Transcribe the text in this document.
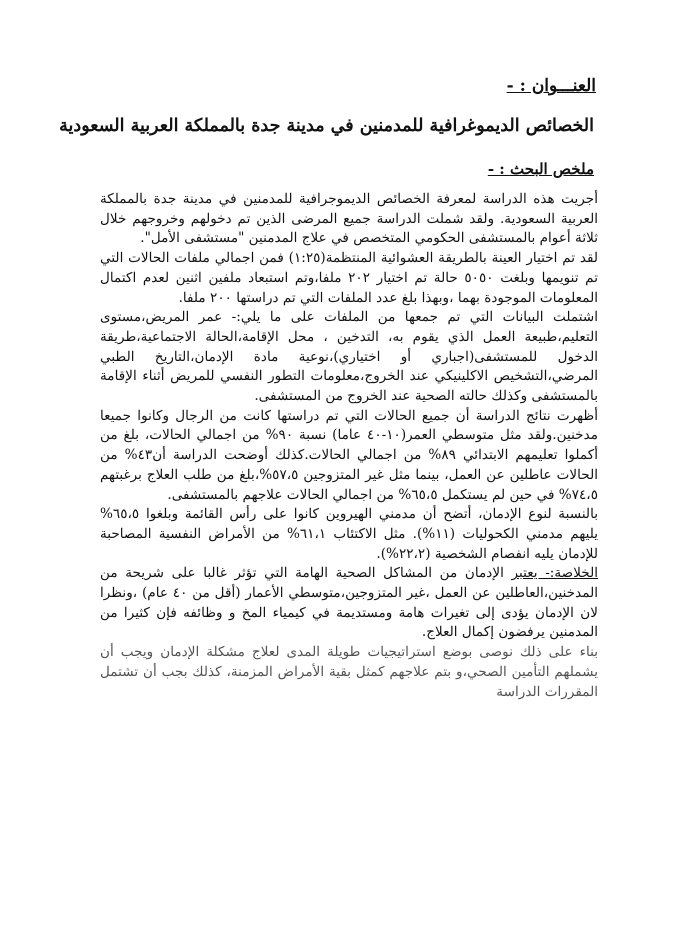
العنـــوان : -
الخصائص الديموغرافية للمدمنين في مدينة جدة بالمملكة العربية السعودية
ملخص البحث : -

أجريت هذه الدراسة لمعرفة الخصائص الديموجرافية للمدمنين في مدينة جدة بالمملكة العربية السعودية. ولقد شملت الدراسة جميع المرضى الذين تم دخولهم وخروجهم خلال ثلاثة أعوام بالمستشفى الحكومي المتخصص في علاج المدمنين "مستشفى الأمل".

لقد تم اختيار العينة بالطريقة العشوائية المنتظمة(١:٢٥) فمن اجمالي ملفات الحالات التي تم تنويمها وبلغت ٥٠٥٠ حالة تم اختيار ٢٠٢ ملفا،وتم استبعاد ملفين اثنين لعدم اكتمال المعلومات الموجودة بهما ،وبهذا بلغ عدد الملفات التي تم دراستها ٢٠٠ ملفا.

اشتملت البيانات التي تم جمعها من الملفات على ما يلي:- عمر المريض،مستوى التعليم،طبيعة العمل الذي يقوم به، التدخين ، محل الإقامة،الحالة الاجتماعية،طريقة الدخول للمستشفى(اجباري أو اختياري)،نوعية مادة الإدمان،التاريخ الطبي المرضي،التشخيص الاكلينيكي عند الخروج،معلومات التطور النفسي للمريض أثناء الإقامة بالمستشفى وكذلك حالته الصحية عند الخروج من المستشفى.

أظهرت نتائج الدراسة أن جميع الحالات التي تم دراستها كانت من الرجال وكانوا جميعا مدخنين.ولقد مثل متوسطي العمر(١٠-٤٠ عاما) نسبة ٩٠% من اجمالي الحالات، بلغ من أكملوا تعليمهم الابتدائي ٨٩% من اجمالي الحالات.كذلك أوضحت الدراسة أن٤٣% من الحالات عاطلين عن العمل، بينما مثل غير المتزوجين ٥٧،٥%،بلغ من طلب العلاج برغبتهم ٧٤،٥% في حين لم يستكمل ٦٥،٥% من اجمالي الحالات علاجهم بالمستشفى.

بالنسبة لنوع الإدمان، أتضح أن مدمني الهيروين كانوا على رأس القائمة وبلغوا ٦٥،٥% يليهم مدمني الكحوليات (١١%). مثل الاكتئاب ٦١،١% من الأمراض النفسية المصاحبة للإدمان يليه انفصام الشخصية (٢٢،٢%).

الخلاصة:- يعتبر الإدمان من المشاكل الصحية الهامة التي تؤثر غالبا على شريحة من المدخنين،العاطلين عن العمل ،غير المتزوجين،متوسطي الأعمار (أقل من ٤٠ عام) ،ونظرا لان الإدمان يؤدى إلى تغيرات هامة ومستديمة في كيمياء المخ و وظائفه فإن كثيرا من المدمنين يرفضون إكمال العلاج.

بناء على ذلك نوصى بوضع استراتيجيات طويلة المدى لعلاج مشكلة الإدمان ويجب أن يشملهم التأمين الصحي،و بتم علاجهم كمثل بقية الأمراض المزمنة، كذلك بجب أن تشتمل المقررات الدراسة
